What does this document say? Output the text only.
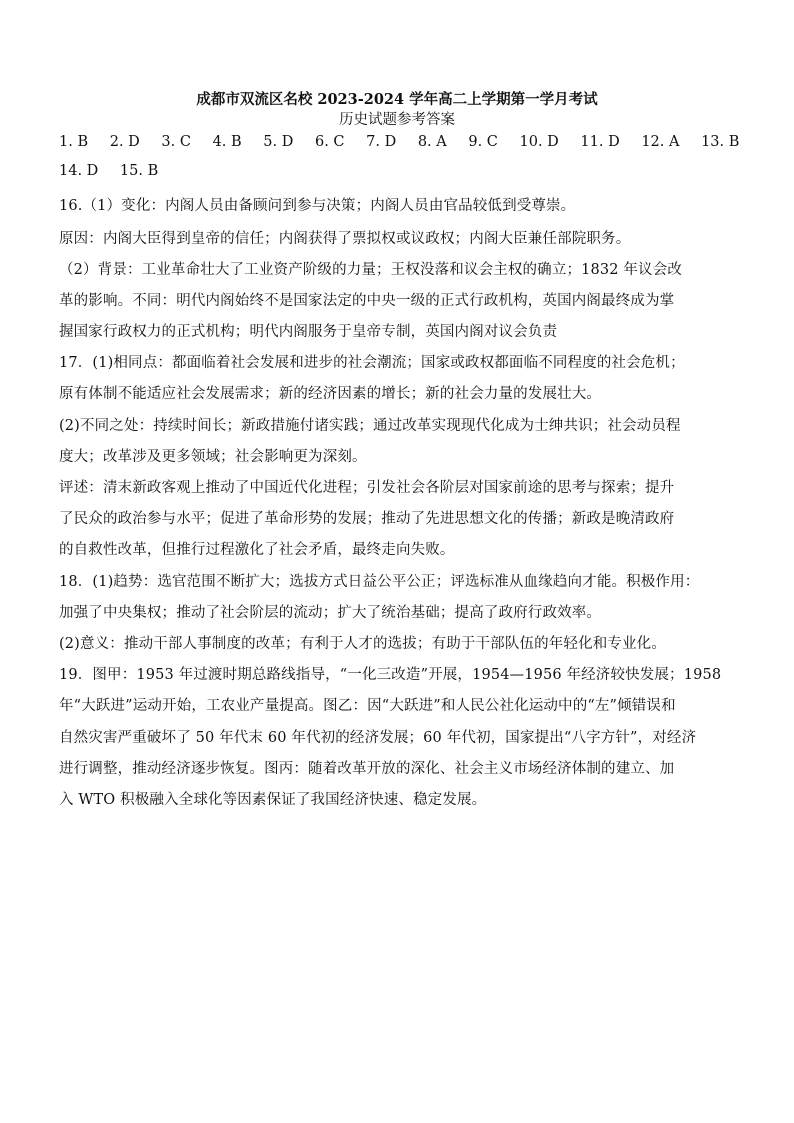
成都市双流区名校 2023-2024 学年高二上学期第一学月考试
历史试题参考答案
1. B 2. D 3. C 4. B 5. D 6. C 7. D 8. A 9. C 10. D 11. D 12. A 13. B
14. D 15. B
16.（1）变化：内阁人员由备顾问到参与决策；内阁人员由官品较低到受尊崇。
原因：内阁大臣得到皇帝的信任；内阁获得了票拟权或议政权；内阁大臣兼任部院职务。
（2）背景：工业革命壮大了工业资产阶级的力量；王权没落和议会主权的确立；1832 年议会改
革的影响。不同：明代内阁始终不是国家法定的中央一级的正式行政机构，英国内阁最终成为掌
握国家行政权力的正式机构；明代内阁服务于皇帝专制，英国内阁对议会负责
17．(1)相同点：都面临着社会发展和进步的社会潮流；国家或政权都面临不同程度的社会危机；
原有体制不能适应社会发展需求；新的经济因素的增长；新的社会力量的发展壮大。
(2)不同之处：持续时间长；新政措施付诸实践；通过改革实现现代化成为士绅共识；社会动员程
度大；改革涉及更多领域；社会影响更为深刻。
评述：清末新政客观上推动了中国近代化进程；引发社会各阶层对国家前途的思考与探索；提升
了民众的政治参与水平；促进了革命形势的发展；推动了先进思想文化的传播；新政是晚清政府
的自救性改革，但推行过程激化了社会矛盾，最终走向失败。
18．(1)趋势：选官范围不断扩大；选拔方式日益公平公正；评选标准从血缘趋向才能。积极作用：
加强了中央集权；推动了社会阶层的流动；扩大了统治基础；提高了政府行政效率。
(2)意义：推动干部人事制度的改革；有利于人才的选拔；有助于干部队伍的年轻化和专业化。
19．图甲：1953 年过渡时期总路线指导，“一化三改造”开展，1954—1956 年经济较快发展；1958
年“大跃进”运动开始，工农业产量提高。图乙：因“大跃进”和人民公社化运动中的“左”倾错误和
自然灾害严重破坏了 50 年代末 60 年代初的经济发展；60 年代初，国家提出“八字方针”，对经济
进行调整，推动经济逐步恢复。图丙：随着改革开放的深化、社会主义市场经济体制的建立、加
入 WTO 积极融入全球化等因素保证了我国经济快速、稳定发展。
